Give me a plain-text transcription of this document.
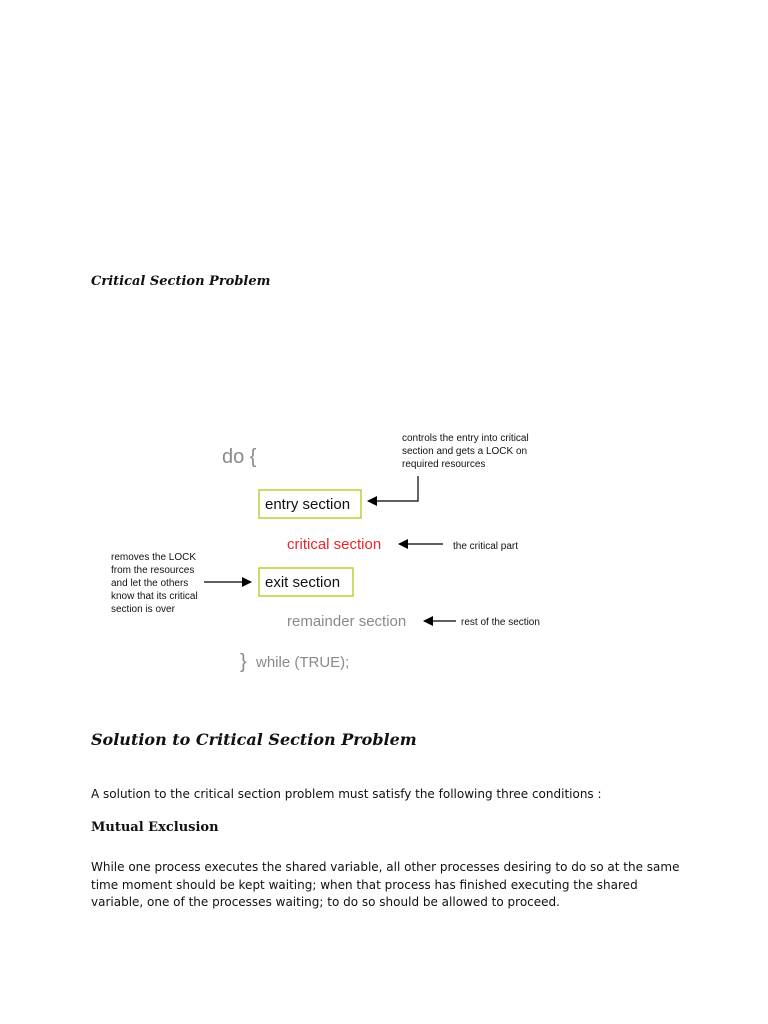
Critical Section Problem
do {
controls the entry into critical section and gets a LOCK on required resources
entry section
critical section	the critical part
removes the LOCK from the resources and let the others know that its critical section is over
exit section
remainder section	rest of the section
} while (TRUE);
Solution to Critical Section Problem
A solution to the critical section problem must satisfy the following three conditions :
Mutual Exclusion
While one process executes the shared variable, all other processes desiring to do so at the same time moment should be kept waiting; when that process has finished executing the shared variable, one of the processes waiting; to do so should be allowed to proceed.
